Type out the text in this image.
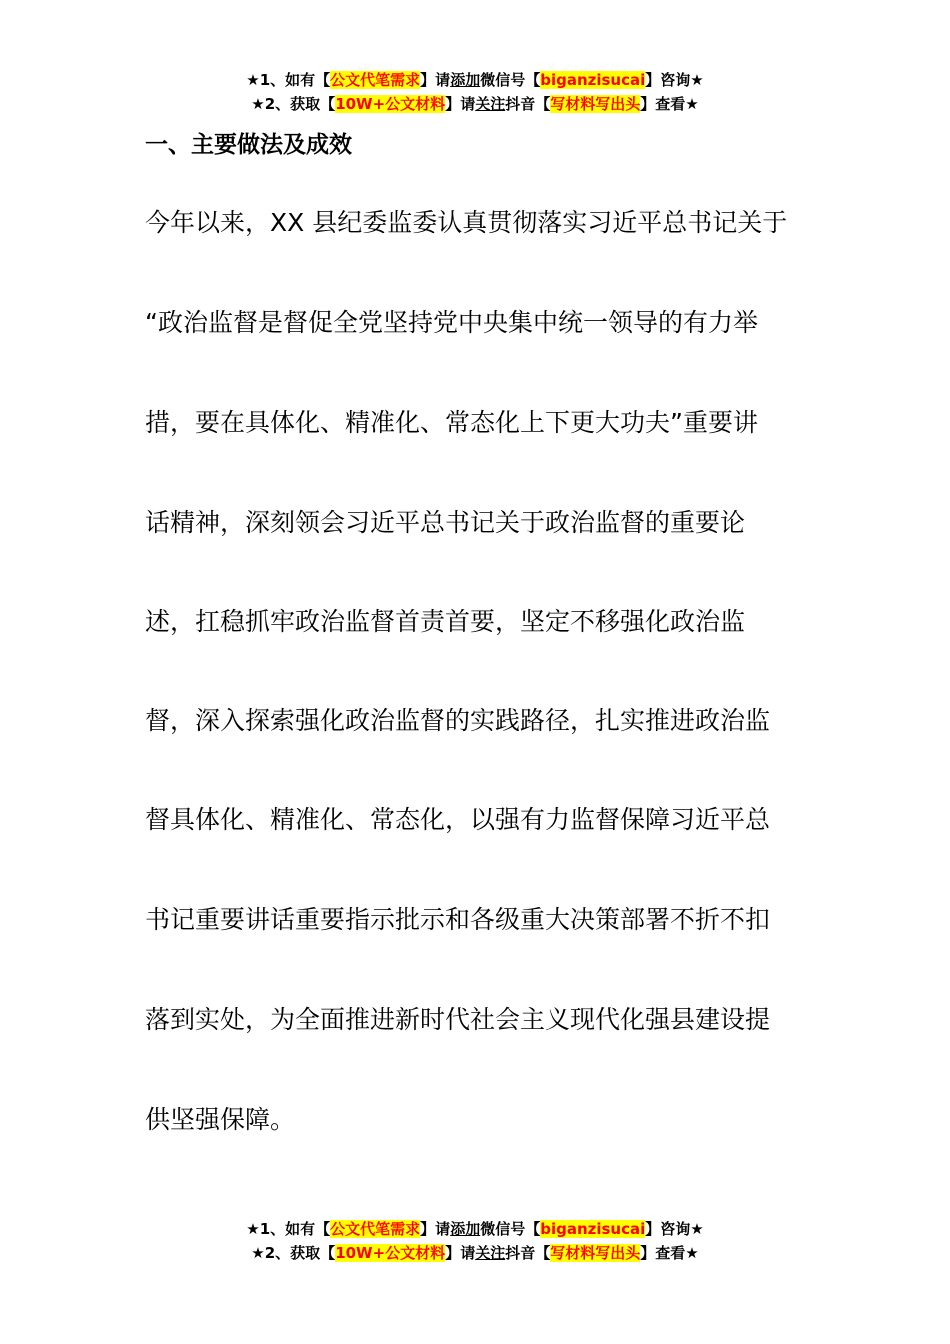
★1、如有【公文代笔需求】请添加微信号【biganzisucai】咨询★
★2、获取【10W+公文材料】请关注抖音【写材料写出头】查看★
一、主要做法及成效
今年以来，XX 县纪委监委认真贯彻落实习近平总书记关于
“政治监督是督促全党坚持党中央集中统一领导的有力举
措，要在具体化、精准化、常态化上下更大功夫”重要讲
话精神，深刻领会习近平总书记关于政治监督的重要论
述，扛稳抓牢政治监督首责首要，坚定不移强化政治监
督，深入探索强化政治监督的实践路径，扎实推进政治监
督具体化、精准化、常态化，以强有力监督保障习近平总
书记重要讲话重要指示批示和各级重大决策部署不折不扣
落到实处，为全面推进新时代社会主义现代化强县建设提
供坚强保障。
★1、如有【公文代笔需求】请添加微信号【biganzisucai】咨询★
★2、获取【10W+公文材料】请关注抖音【写材料写出头】查看★
